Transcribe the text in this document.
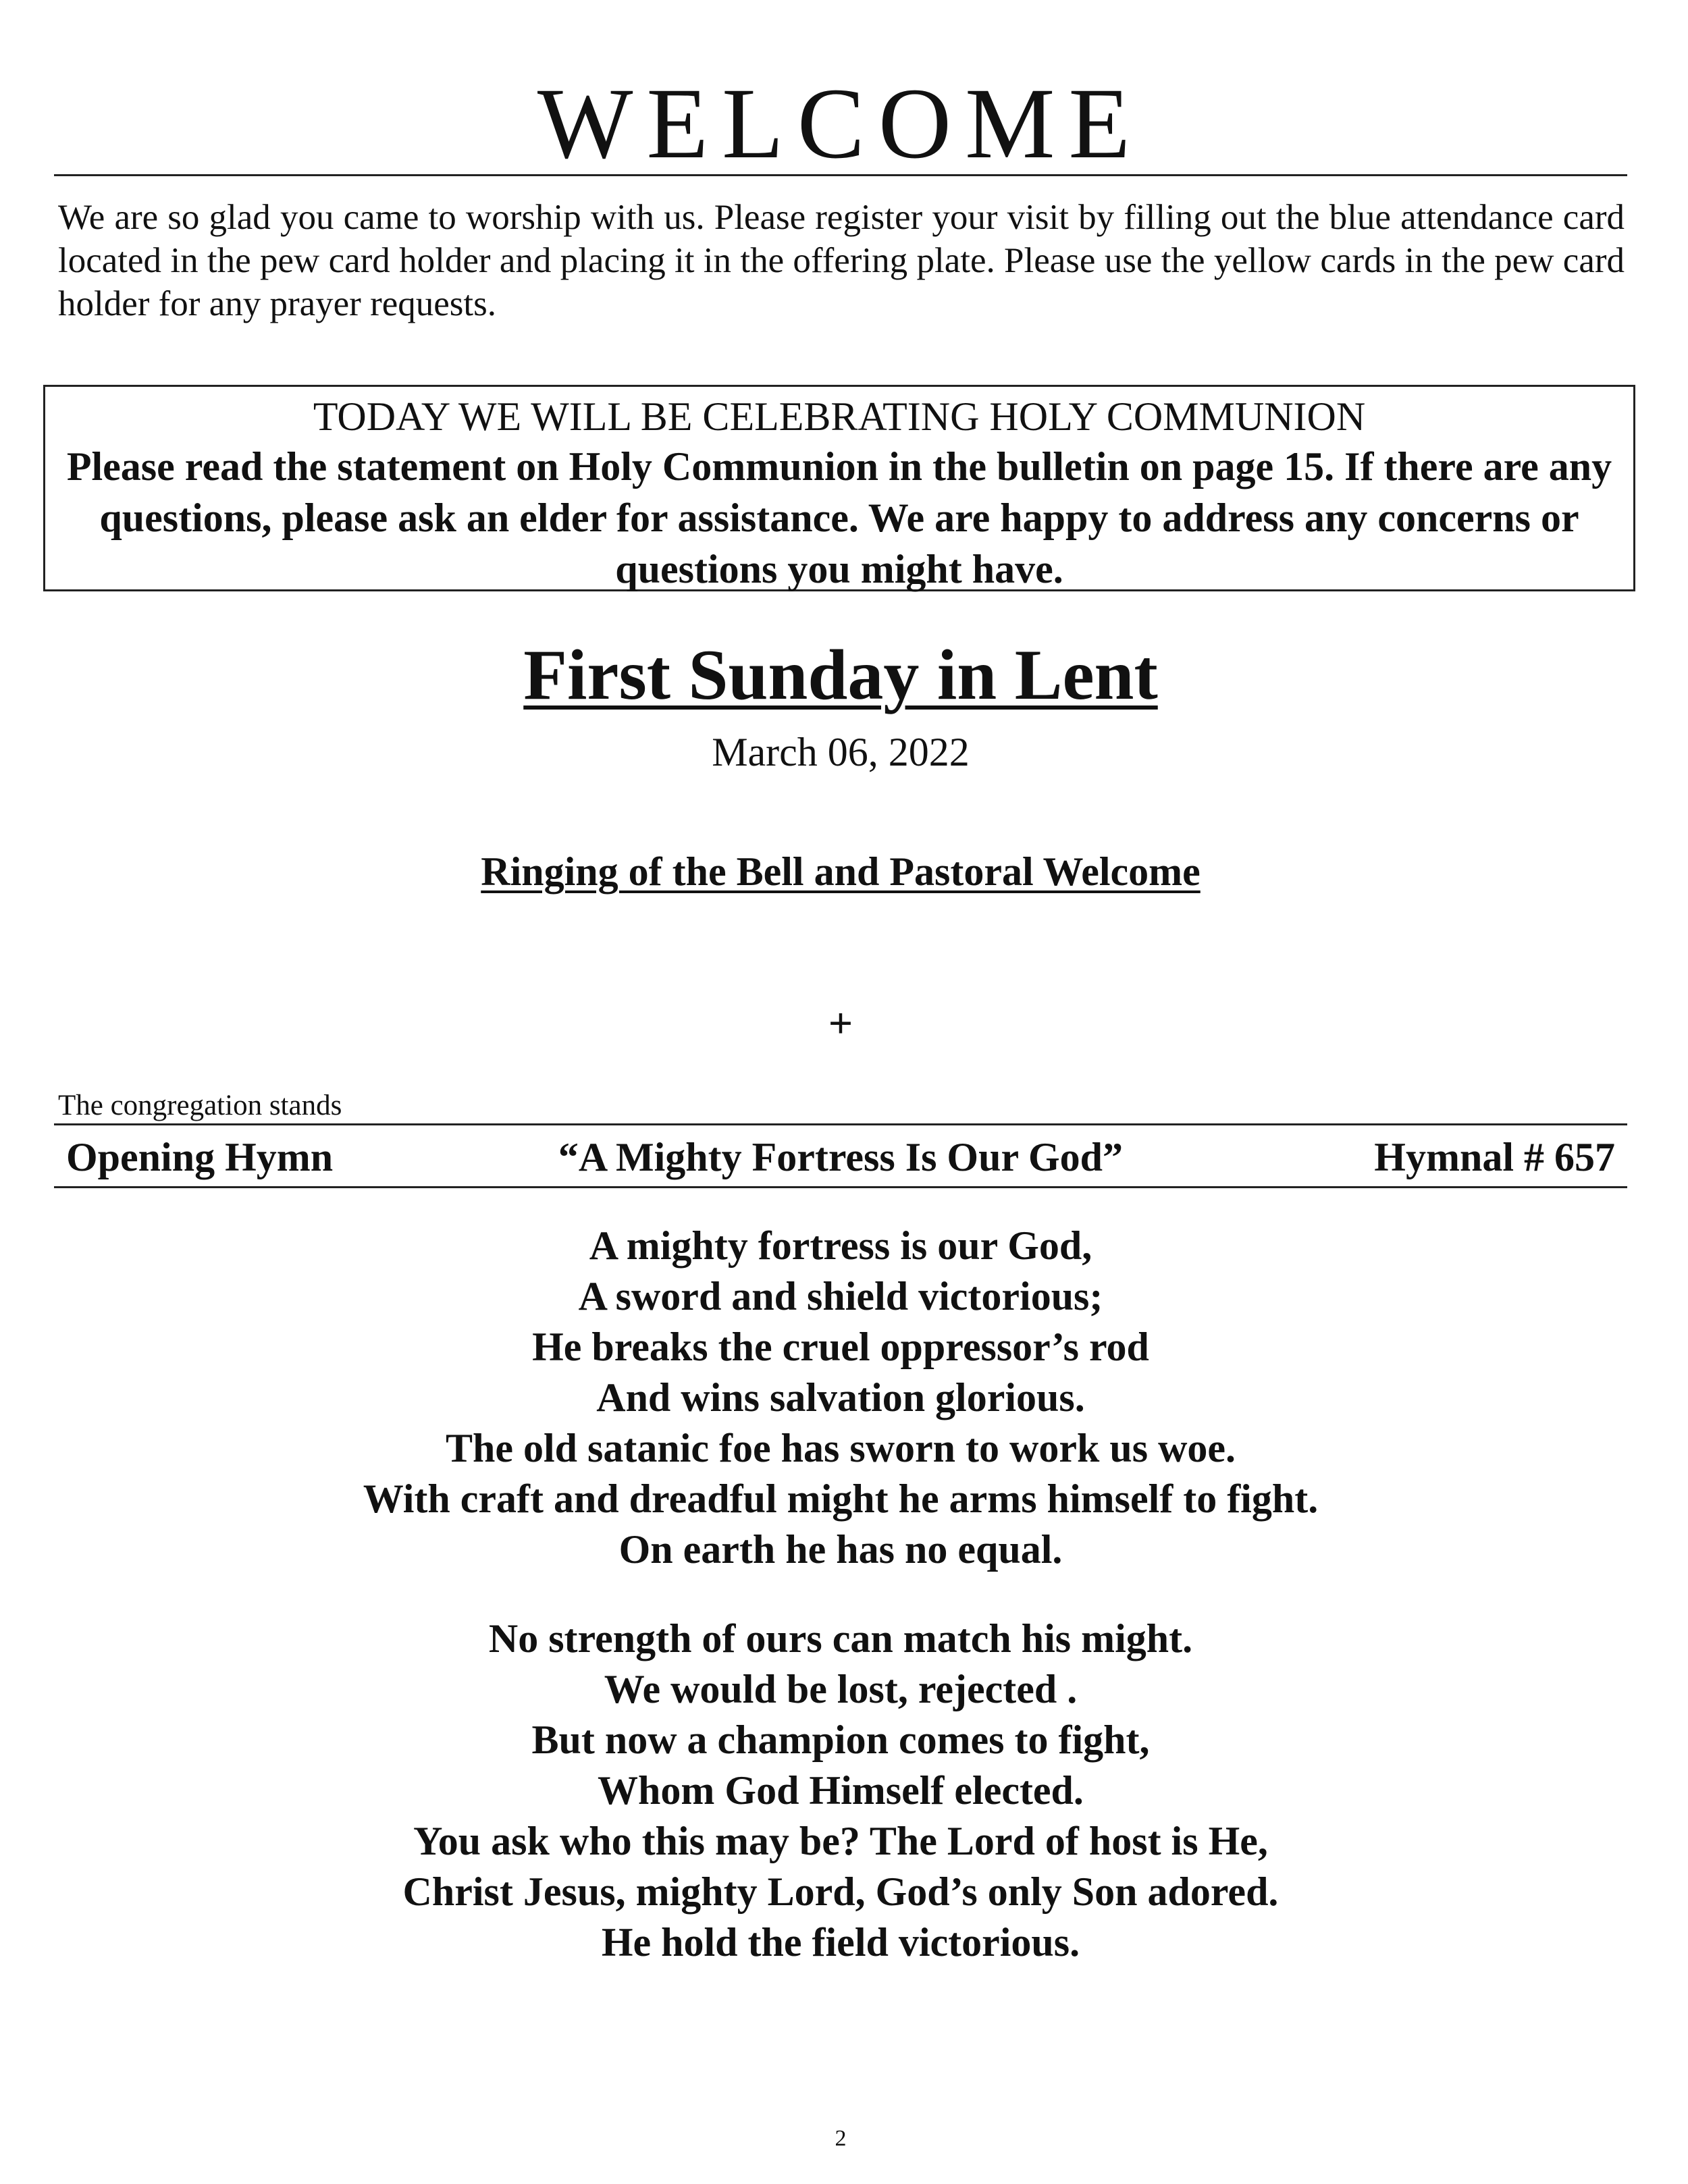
WELCOME

We are so glad you came to worship with us. Please register your visit by filling out the blue attendance card located in the pew card holder and placing it in the offering plate. Please use the yellow cards in the pew card holder for any prayer requests.

TODAY WE WILL BE CELEBRATING HOLY COMMUNION

Please read the statement on Holy Communion in the bulletin on page 15. If there are any questions, please ask an elder for assistance. We are happy to address any concerns or questions you might have.

First Sunday in Lent

March 06, 2022

Ringing of the Bell and Pastoral Welcome
+
The congregation stands
“A Mighty Fortress Is Our God”
Opening Hymn	Hymnal # 657
A mighty fortress is our God,
A sword and shield victorious;
He breaks the cruel oppressor’s rod
And wins salvation glorious.
The old satanic foe has sworn to work us woe.
With craft and dreadful might he arms himself to fight.
On earth he has no equal.
No strength of ours can match his might.
We would be lost, rejected .
But now a champion comes to fight,
Whom God Himself elected.
You ask who this may be? The Lord of host is He,
Christ Jesus, mighty Lord, God’s only Son adored.
He hold the field victorious.
2
